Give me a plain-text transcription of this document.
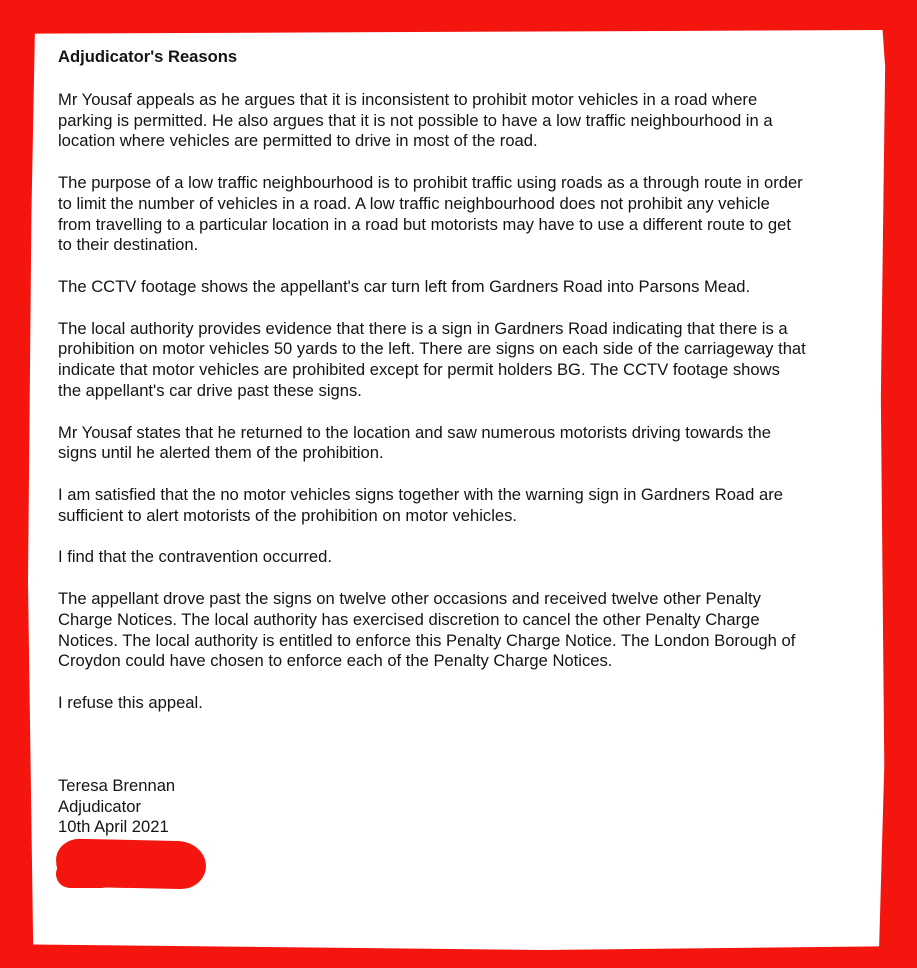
Adjudicator's Reasons

Mr Yousaf appeals as he argues that it is inconsistent to prohibit motor vehicles in a road where
parking is permitted. He also argues that it is not possible to have a low traffic neighbourhood in a
location where vehicles are permitted to drive in most of the road.

The purpose of a low traffic neighbourhood is to prohibit traffic using roads as a through route in order
to limit the number of vehicles in a road. A low traffic neighbourhood does not prohibit any vehicle
from travelling to a particular location in a road but motorists may have to use a different route to get
to their destination.

The CCTV footage shows the appellant's car turn left from Gardners Road into Parsons Mead.

The local authority provides evidence that there is a sign in Gardners Road indicating that there is a
prohibition on motor vehicles 50 yards to the left. There are signs on each side of the carriageway that
indicate that motor vehicles are prohibited except for permit holders BG. The CCTV footage shows
the appellant's car drive past these signs.

Mr Yousaf states that he returned to the location and saw numerous motorists driving towards the
signs until he alerted them of the prohibition.

I am satisfied that the no motor vehicles signs together with the warning sign in Gardners Road are
sufficient to alert motorists of the prohibition on motor vehicles.

I find that the contravention occurred.

The appellant drove past the signs on twelve other occasions and received twelve other Penalty
Charge Notices. The local authority has exercised discretion to cancel the other Penalty Charge
Notices. The local authority is entitled to enforce this Penalty Charge Notice. The London Borough of
Croydon could have chosen to enforce each of the Penalty Charge Notices.

I refuse this appeal.

Teresa Brennan
Adjudicator
10th April 2021
